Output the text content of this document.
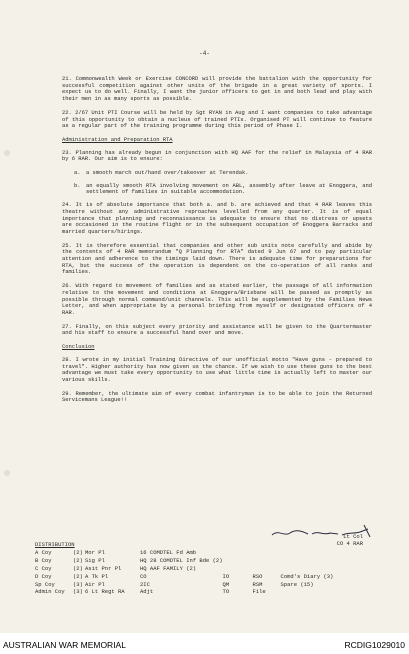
-4-

21. Commonwealth Week or Exercise CONCORD will provide the battalion with the opportunity for successful competition against other units of the brigade in a great variety of sports. I expect us to do well. Finally, I want the junior officers to get in and both lead and play with their men in as many sports as possible.

22. 2/67 Unit PTI Course will be held by Sgt RYAN in Aug and I want companies to take advantage of this opportunity to obtain a nucleus of trained PTIs. Organised PT will continue to feature as a regular part of the training programme during this period of Phase I.

Administration and Preparation RTA

23. Planning has already begun in conjunction with HQ AAF for the relief in Malaysia of 4 RAR by 6 RAR. Our aim is to ensure:

a. a smooth march out/hand over/takeover at Terendak.
b. an equally smooth RTA involving movement on ABL, assembly after leave at Enoggera, and settlement of families in suitable accommodation.

24. It is of absolute importance that both a. and b. are achieved and that 4 RAR leaves this theatre without any administrative reproaches levelled from any quarter. It is of equal importance that planning and reconnaissance is adequate to ensure that no distress or upsets are occasioned in the routine flight or in the subsequent occupation of Enoggera Barracks and married quarters/hirings.

25. It is therefore essential that companies and other sub units note carefully and abide by the contents of 4 RAR memorandum "Q Planning for RTA" dated 9 Jun 67 and to pay particular attention and adherence to the timings laid down. There is adequate time for preparations for RTA, but the success of the operation is dependent on the co-operation of all ranks and families.

26. With regard to movement of families and as stated earlier, the passage of all information relative to the movement and conditions at Enoggera/Brisbane will be passed as promptly as possible through normal command/unit channels. This will be supplemented by the Families News Letter, and when appropriate by a personal briefing from myself or designated officers of 4 RAR.

27. Finally, on this subject every priority and assistance will be given to the Quartermaster and his staff to ensure a successful hand over and move.

Conclusion

28. I wrote in my initial Training Directive of our unofficial motto "Have guns - prepared to travel". Higher authority has now given us the chance. If we wish to use these guns to the best advantage we must take every opportunity to use what little time is actually left to master our various skills.

29. Remember, the ultimate aim of every combat infantryman is to be able to join the Returned Servicemans League!!

Lt Col
CO 4 RAR
DISTRIBUTION
A Coy	(2)	Mor Pl	16 COMDTEL Fd Amb			
B Coy	(2)	Sig Pl	HQ 28 COMDTEL Inf Bde (2)			
C Coy	(2)	Asit Pnr Pl	HQ AAF FAMILY (2)			
D Coy	(2)	A Tk Pl	CO	IO	RSO	Comd's Diary (3)
Sp Coy	(3)	Air Pl	2IC	QM	RSM	Spare (15)
Admin Coy	(3)	6 Lt Regt RA	Adjt	TO	File	
AUSTRALIAN WAR MEMORIAL	RCDIG1029010
